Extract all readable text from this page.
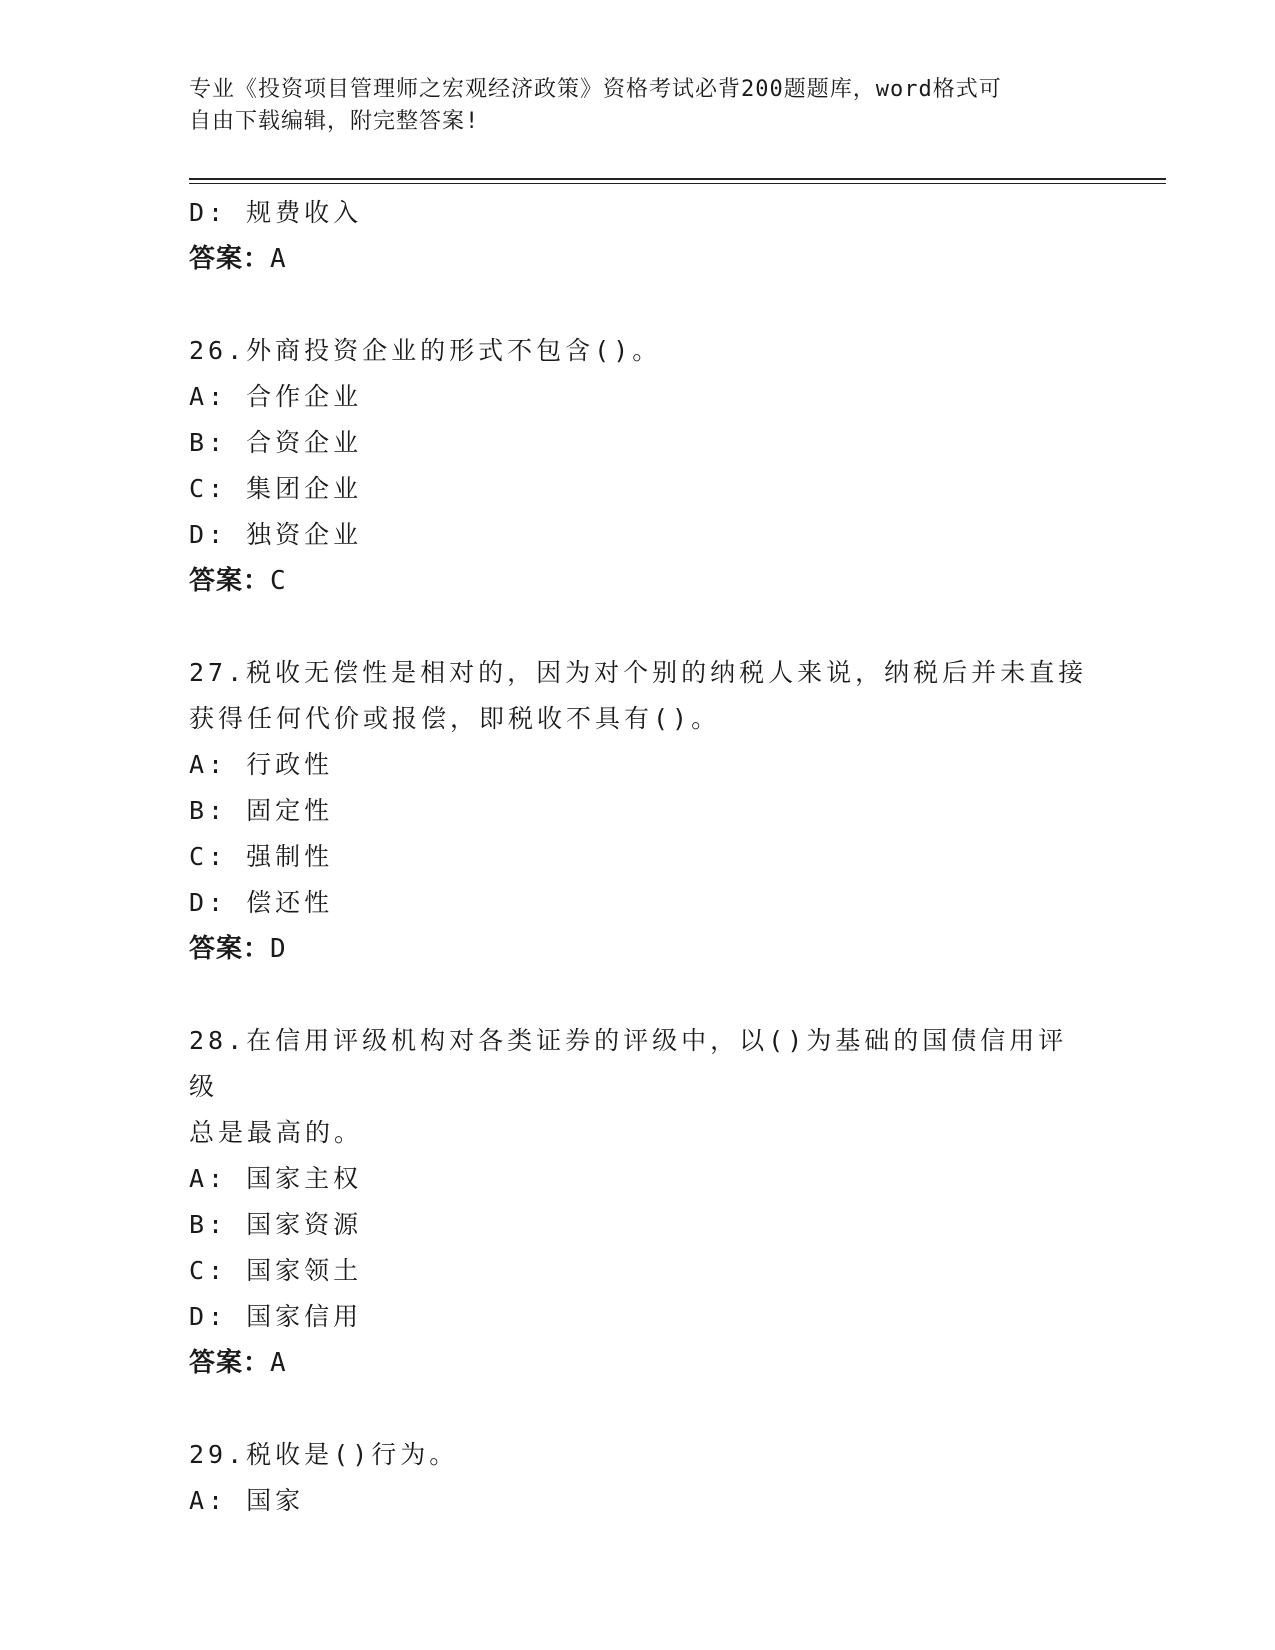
专业《投资项目管理师之宏观经济政策》资格考试必背200题题库，word格式可
自由下载编辑，附完整答案!
D: 规费收入
答案：A
26.外商投资企业的形式不包含()。
A: 合作企业
B: 合资企业
C: 集团企业
D: 独资企业
答案：C
27.税收无偿性是相对的，因为对个别的纳税人来说，纳税后并未直接
获得任何代价或报偿，即税收不具有()。
A: 行政性
B: 固定性
C: 强制性
D: 偿还性
答案：D
28.在信用评级机构对各类证券的评级中，以()为基础的国债信用评级
总是最高的。
A: 国家主权
B: 国家资源
C: 国家领土
D: 国家信用
答案：A
29.税收是()行为。
A: 国家
